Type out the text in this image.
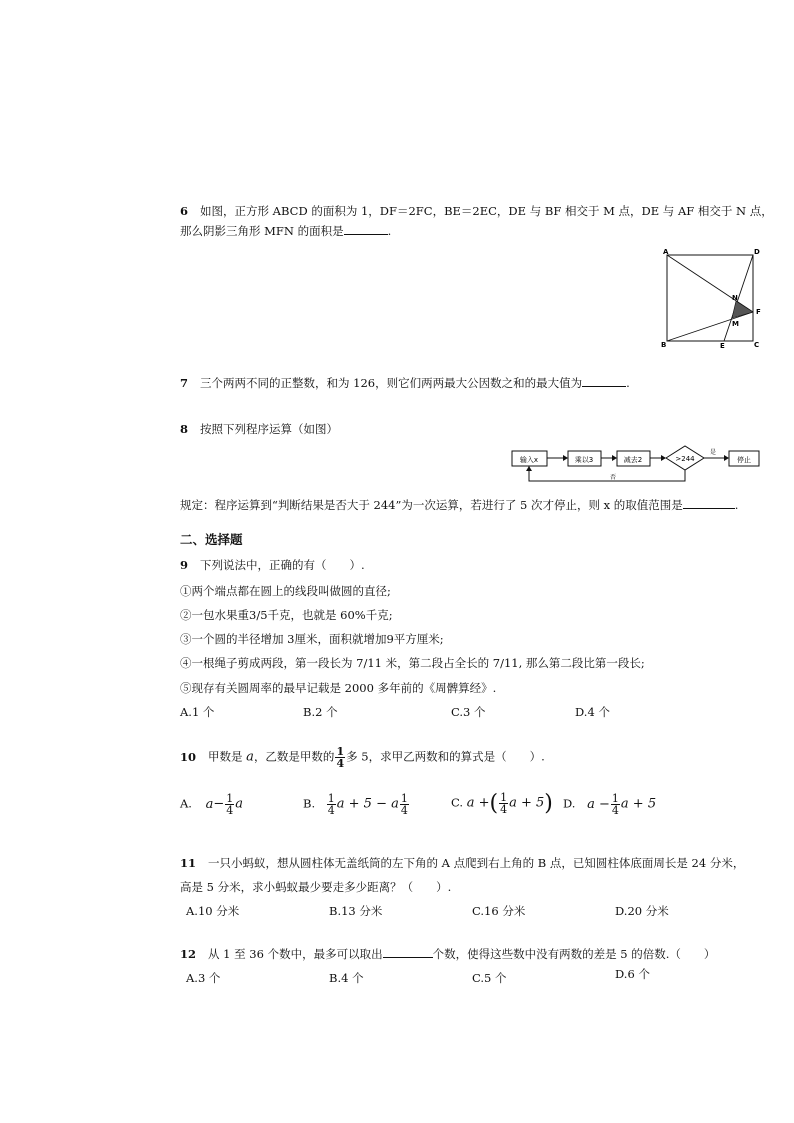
6 如图，正方形 ABCD 的面积为 1，DF＝2FC，BE＝2EC，DE 与 BF 相交于 M 点，DE 与 AF 相交于 N 点，
那么阴影三角形 MFN 的面积是	.
A	D
B	C
E
F
M
N
7 三个两两不同的正整数，和为 126，则它们两两最大公因数之和的最大值为	.
8 按照下列程序运算（如图）
输入x	乘以3	减去2	>244
是
停止
否
规定：程序运算到“判断结果是否大于 244”为一次运算，若进行了 5 次才停止，则 x 的取值范围是	.
二、选择题
9 下列说法中，正确的有（　　）.
①两个端点都在圆上的线段叫做圆的直径;
②一包水果重3/5千克，也就是 60%千克;
③一个圆的半径增加 3厘米，面积就增加9平方厘米;
④一根绳子剪成两段，第一段长为 7/11 米，第二段占全长的 7/11, 那么第二段比第一段长;
⑤现存有关圆周率的最早记载是 2000 多年前的《周髀算经》.
A.1 个	B.2 个	C.3 个	D.4 个
10 甲数是 a，乙数是甲数的 $\frac{1}{4}$ 多 5，求甲乙两数和的算式是（　　）.
A. $a- \frac{1}{4}$ a	B. $\frac{1}{4}$ a + 5 − a $\frac{1}{4}$	C. a +( $\frac{1}{4}$ a + 5) D. $a - \frac{1}{4}$ a + 5
11 一只小蚂蚁，想从圆柱体无盖纸筒的左下角的 A 点爬到右上角的 B 点，已知圆柱体底面周长是 24 分米，
高是 5 分米，求小蚂蚁最少要走多少距离？（　　）.
A.10 分米	B.13 分米	C.16 分米	D.20 分米
12 从 1 至 36 个数中，最多可以取出	个数，使得这些数中没有两数的差是 5 的倍数.（　　）
A.3 个	B.4 个	C.5 个	D.6 个
